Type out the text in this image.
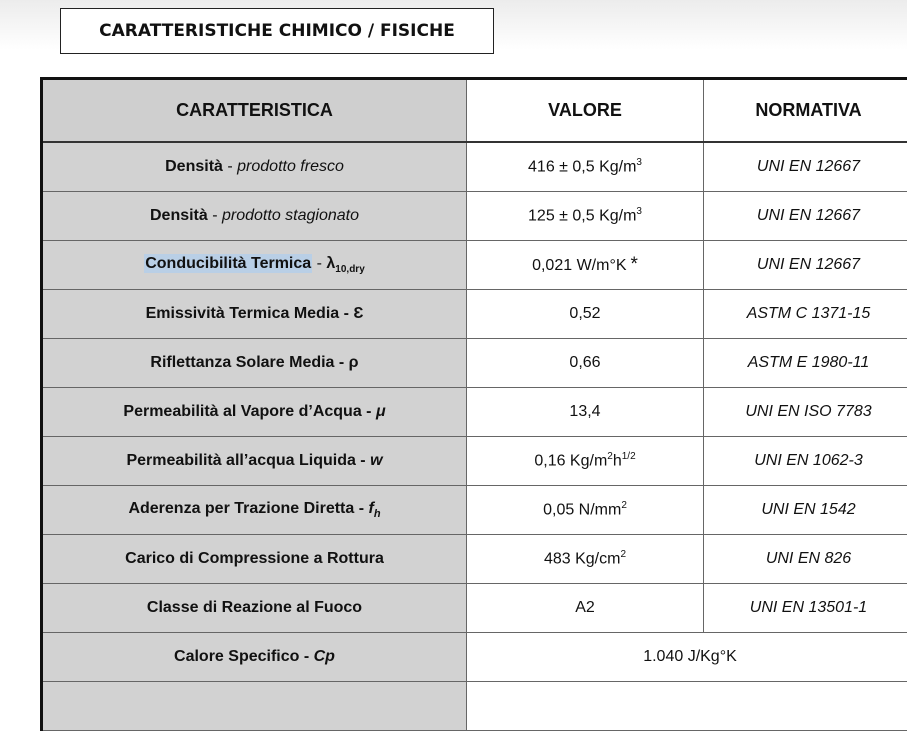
CARATTERISTICHE CHIMICO / FISICHE
CARATTERISTICA	VALORE	NORMATIVA
Densità - prodotto fresco	416 ± 0,5 $Kg/m^3$	UNI EN 12667
Densità - prodotto stagionato	125 ± 0,5 $Kg/m^3$	UNI EN 12667
Conducibilità Termica - $\lambda_{10,dry}$	0,021 W/m°K *	UNI EN 12667
Emissività Termica Media - Ɛ	0,52	ASTM C 1371-15
Riflettanza Solare Media - ρ	0,66	ASTM E 1980-11
Permeabilità al Vapore d’Acqua - μ	13,4	UNI EN ISO 7783
Permeabilità all’acqua Liquida - w	0,16 $Kg/m^2h^{1/2}$	UNI EN 1062-3
Aderenza per Trazione Diretta - $f_h$	0,05 $N/mm^2$	UNI EN 1542
Carico di Compressione a Rottura	483 $Kg/cm^2$	UNI EN 826
Classe di Reazione al Fuoco	A2	UNI EN 13501-1
Calore Specifico - Cp	1.040 J/Kg°K	
